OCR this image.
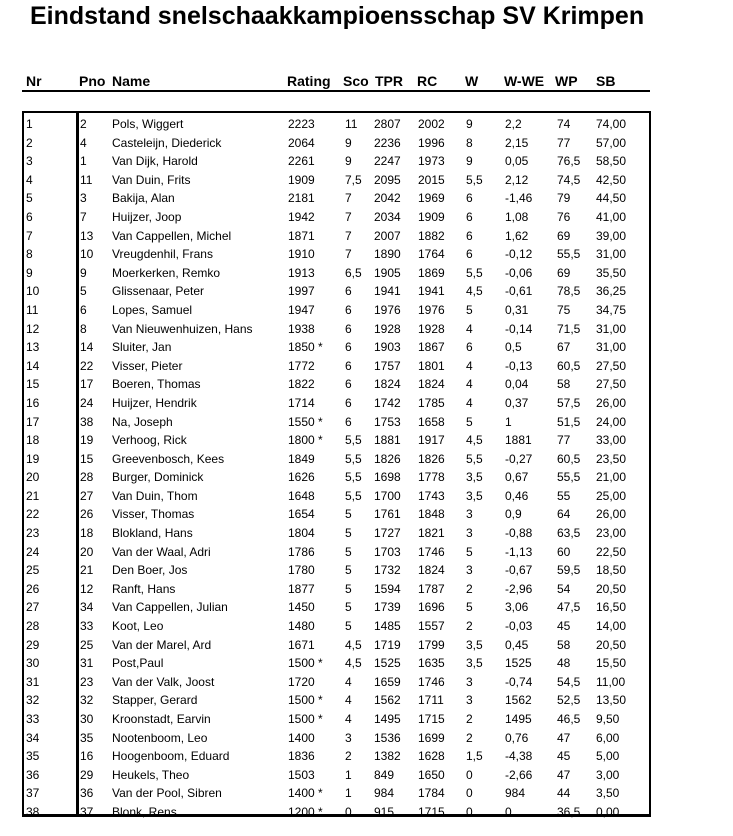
Eindstand snelschaakkampioensschap SV Krimpen
Nr	Pno Name	Rating Sco TPR RC W W-WE WP SB
1	2 Pols, Wiggert	2223	11 2807 2002 9	2,2	74 74,00
2	4 Casteleijn, Diederick	2064	9 2236 1996 8	2,15 77 57,00
3	1 Van Dijk, Harold	2261	9 2247 1973 9	0,05 76,5 58,50
4	11 Van Duin, Frits	1909	7,5 2095 2015 5,5 2,12 74,5 42,50
5	3 Bakija, Alan	2181	7 2042 1969 6	-1,46 79 44,50
6	7 Huijzer, Joop	1942	7 2034 1909 6	1,08 76 41,00
7	13 Van Cappellen, Michel	1871	7 2007 1882 6	1,62 69 39,00
8	10 Vreugdenhil, Frans	1910	7 1890 1764 6	-0,12 55,5 31,00
9	9 Moerkerken, Remko	1913	6,5 1905 1869 5,5 -0,06 69 35,50
10	5 Glissenaar, Peter	1997	6 1941 1941 4,5 -0,61 78,5 36,25
11	6 Lopes, Samuel	1947	6 1976 1976 5	0,31 75 34,75
12	8 Van Nieuwenhuizen, Hans	1938	6 1928 1928 4	-0,14 71,5 31,00
13	14 Sluiter, Jan	1850 * 6 1903 1867 6	0,5	67 31,00
14	22 Visser, Pieter	1772	6 1757 1801 4	-0,13 60,5 27,50
15	17 Boeren, Thomas	1822	6 1824 1824 4	0,04 58 27,50
16	24 Huijzer, Hendrik	1714	6 1742 1785 4	0,37 57,5 26,00
17	38 Na, Joseph	1550 * 6 1753 1658 5	1	51,5 24,00
18	19 Verhoog, Rick	1800 * 5,5 1881 1917 4,5 1881 77 33,00
19	15 Greevenbosch, Kees	1849	5,5 1826 1826 5,5 -0,27 60,5 23,50
20	28 Burger, Dominick	1626	5,5 1698 1778 3,5 0,67 55,5 21,00
21	27 Van Duin, Thom	1648	5,5 1700 1743 3,5 0,46 55 25,00
22	26 Visser, Thomas	1654	5 1761 1848 3	0,9	64 26,00
23	18 Blokland, Hans	1804	5 1727 1821 3	-0,88 63,5 23,00
24	20 Van der Waal, Adri	1786	5 1703 1746 5	-1,13 60 22,50
25	21 Den Boer, Jos	1780	5 1732 1824 3	-0,67 59,5 18,50
26	12 Ranft, Hans	1877	5 1594 1787 2	-2,96 54 20,50
27	34 Van Cappellen, Julian	1450	5 1739 1696 5	3,06 47,5 16,50
28	33 Koot, Leo	1480	5 1485 1557 2	-0,03 45 14,00
29	25 Van der Marel, Ard	1671	4,5 1719 1799 3,5 0,45 58 20,50
30	31 Post,Paul	1500 * 4,5 1525 1635 3,5 1525 48 15,50
31	23 Van der Valk, Joost	1720	4 1659 1746 3	-0,74 54,5 11,00
32	32 Stapper, Gerard	1500 * 4 1562 1711 3	1562 52,5 13,50
33	30 Kroonstadt, Earvin	1500 * 4 1495 1715 2	1495 46,5 9,50
34	35 Nootenboom, Leo	1400	3 1536 1699 2	0,76 47 6,00
35	16 Hoogenboom, Eduard	1836	2 1382 1628 1,5 -4,38 45 5,00
36	29 Heukels, Theo	1503	1 849 1650 0	-2,66 47 3,00
37	36 Van der Pool, Sibren	1400 * 1 984 1784 0	984	44 3,50
38	37 Blonk, Rens	1200 * 0 915 1715 0	0	36,5 0,00
